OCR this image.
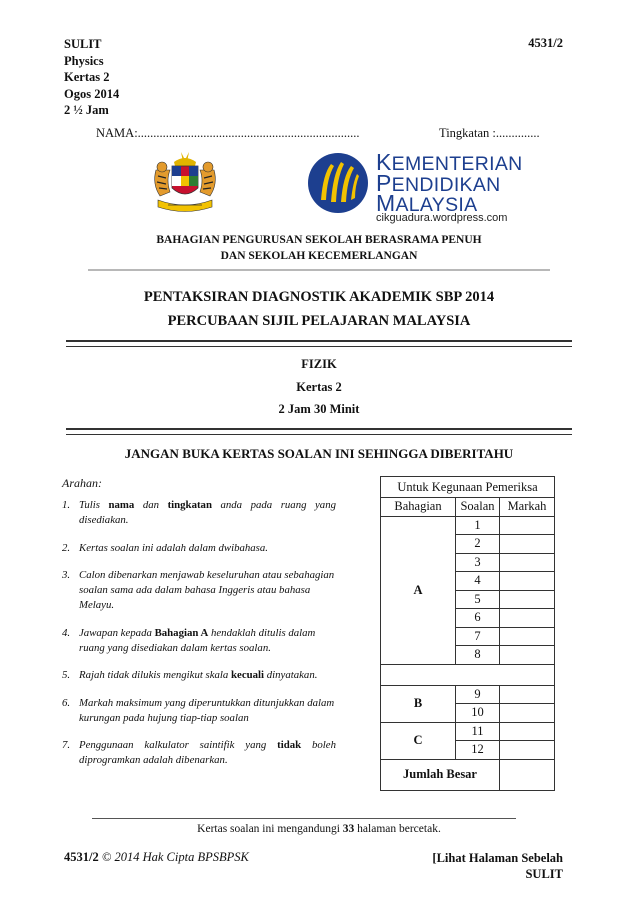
SULIT
Physics
Kertas 2
Ogos 2014
2 ½ Jam
4531/2
NAMA:.......................................................................	Tingkatan :..............
KEMENTERIAN
PENDIDIKAN
MALAYSIA
cikguadura.wordpress.com
BAHAGIAN PENGURUSAN SEKOLAH BERASRAMA PENUH
DAN SEKOLAH KECEMERLANGAN
PENTAKSIRAN DIAGNOSTIK AKADEMIK SBP 2014
PERCUBAAN SIJIL PELAJARAN MALAYSIA
FIZIK
Kertas 2
2 Jam 30 Minit
JANGAN BUKA KERTAS SOALAN INI SEHINGGA DIBERITAHU
Arahan:
1. Tulis nama dan tingkatan anda pada ruang yang disediakan.
2. Kertas soalan ini adalah dalam dwibahasa.
3. Calon dibenarkan menjawab keseluruhan atau sebahagian soalan sama ada dalam bahasa Inggeris atau bahasa Melayu.
4. Jawapan kepada Bahagian A hendaklah ditulis dalam ruang yang disediakan dalam kertas soalan.
5. Rajah tidak dilukis mengikut skala kecuali dinyatakan.
6. Markah maksimum yang diperuntukkan ditunjukkan dalam kurungan pada hujung tiap-tiap soalan
7. Penggunaan kalkulator saintifik yang tidak boleh diprogramkan adalah dibenarkan.
Untuk Kegunaan Pemeriksa		
Bahagian	Soalan	Markah
A	1	
	2	
	3	
	4	
	5	
	6	
	7	
	8	

B	9	
	10	
C	11	
	12	
Jumlah Besar		
Kertas soalan ini mengandungi 33 halaman bercetak.
4531/2 © 2014 Hak Cipta BPSBPSK	[Lihat Halaman Sebelah
SULIT
